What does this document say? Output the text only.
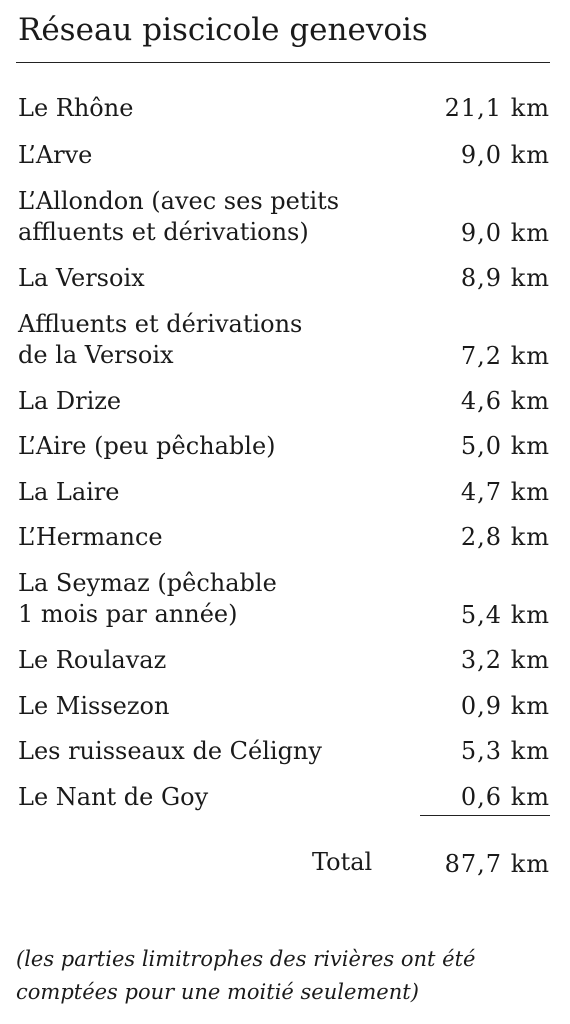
Réseau piscicole genevois
Le Rhône	21,1 km
L’Arve	9,0 km
L’Allondon (avec ses petits
affluents et dérivations)	9,0 km
La Versoix	8,9 km
Affluents et dérivations
de la Versoix	7,2 km
La Drize	4,6 km
L’Aire (peu pêchable)	5,0 km
La Laire	4,7 km
L’Hermance	2,8 km
La Seymaz (pêchable
1 mois par année)	5,4 km
Le Roulavaz	3,2 km
Le Missezon	0,9 km
Les ruisseaux de Céligny	5,3 km
Le Nant de Goy	0,6 km
Total	87,7 km
(les parties limitrophes des rivières ont été
comptées pour une moitié seulement)
